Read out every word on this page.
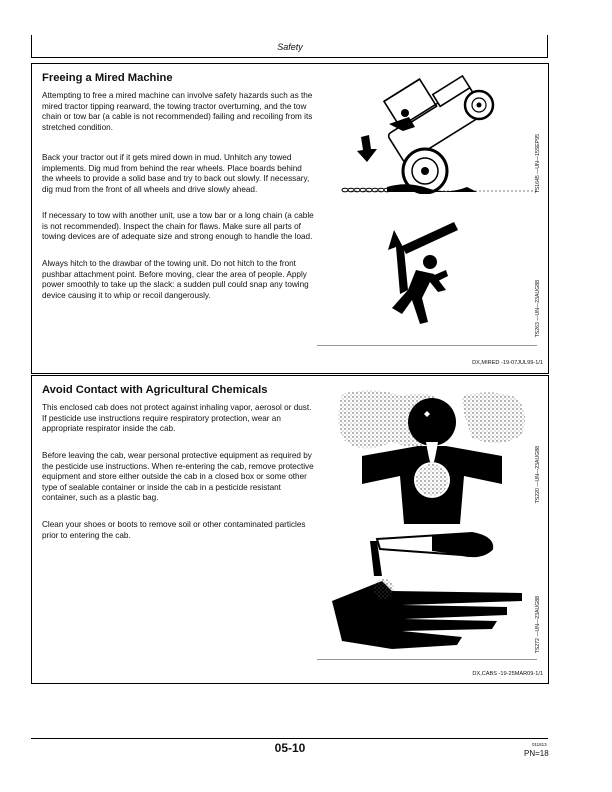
Safety
Freeing a Mired Machine

Attempting to free a mired machine can involve safety hazards such as the mired tractor tipping rearward, the towing tractor overturning, and the tow chain or tow bar (a cable is not recommended) failing and recoiling from its stretched condition.

Back your tractor out if it gets mired down in mud. Unhitch any towed implements. Dig mud from behind the rear wheels. Place boards behind the wheels to provide a solid base and try to back out slowly. If necessary, dig mud from the front of all wheels and drive slowly ahead.

If necessary to tow with another unit, use a tow bar or a long chain (a cable is not recommended). Inspect the chain for flaws. Make sure all parts of towing devices are of adequate size and strong enough to handle the load.

Always hitch to the drawbar of the towing unit. Do not hitch to the front pushbar attachment point. Before moving, clear the area of people. Apply power smoothly to take up the slack: a sudden pull could snap any towing device causing it to whip or recoil dangerously.

TS1645 —UN—15SEP95
TS263 —UN—23AUG88
DX,MIRED -19-07JUL99-1/1
Avoid Contact with Agricultural Chemicals

This enclosed cab does not protect against inhaling vapor, aerosol or dust. If pesticide use instructions require respiratory protection, wear an appropriate respirator inside the cab.

Before leaving the cab, wear personal protective equipment as required by the pesticide use instructions. When re-entering the cab, remove protective equipment and store either outside the cab in a closed box or some other type of sealable container or inside the cab in a pesticide resistant container, such as a plastic bag.

Clean your shoes or boots to remove soil or other contaminated particles prior to entering the cab.

TS220 —UN—23AUG88
TS272 —UN—23AUG88
DX,CABS -19-25MAR09-1/1
05-10	011813
PN=18
